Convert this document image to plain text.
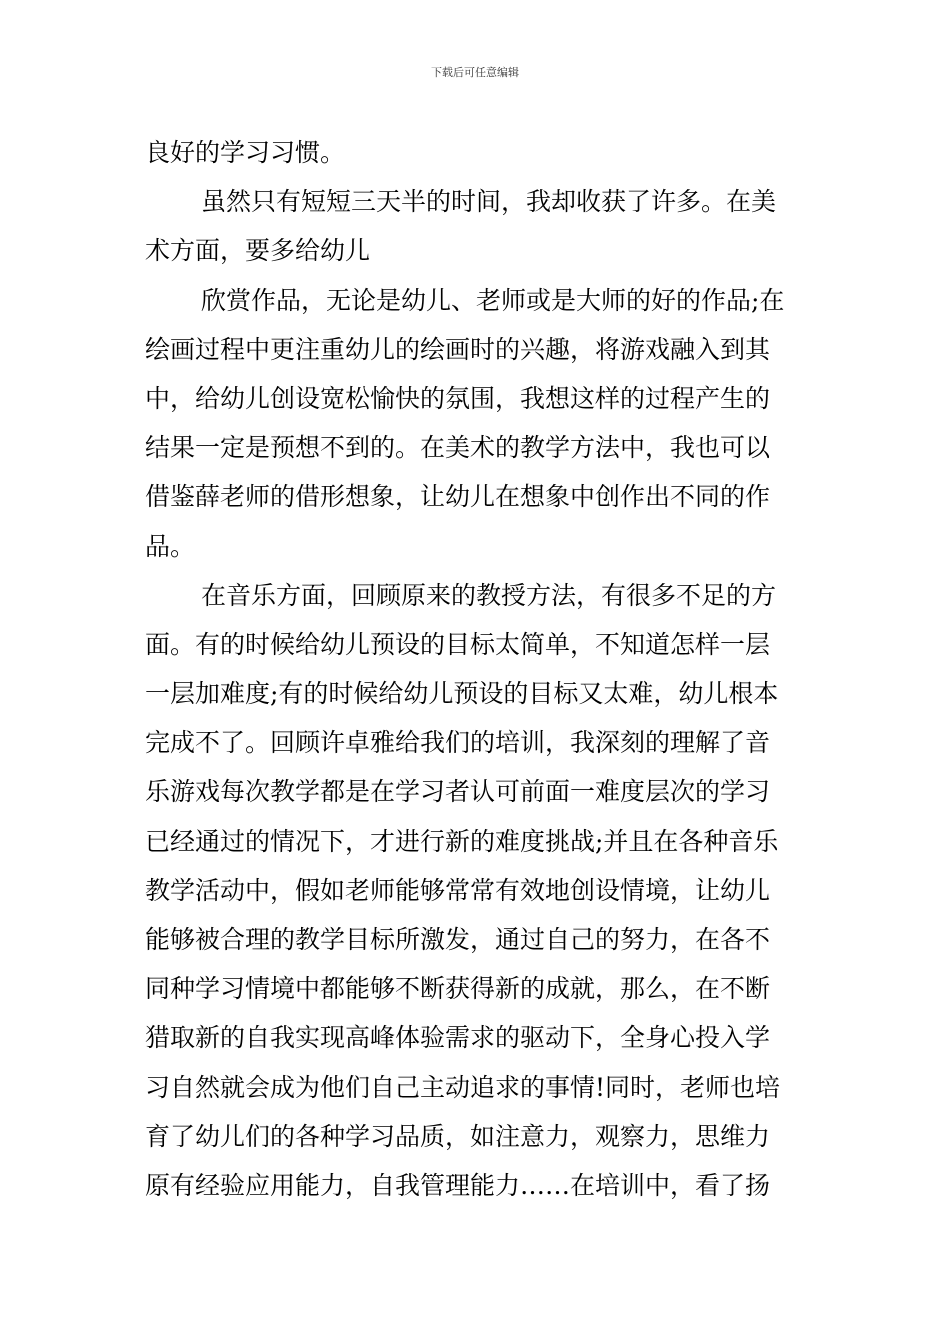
下载后可任意编辑
良好的学习习惯。
虽然只有短短三天半的时间，我却收获了许多。在美
术方面，要多给幼儿
欣赏作品，无论是幼儿、老师或是大师的好的作品;在
绘画过程中更注重幼儿的绘画时的兴趣，将游戏融入到其
中，给幼儿创设宽松愉快的氛围，我想这样的过程产生的
结果一定是预想不到的。在美术的教学方法中，我也可以
借鉴薛老师的借形想象，让幼儿在想象中创作出不同的作
品。
在音乐方面，回顾原来的教授方法，有很多不足的方
面。有的时候给幼儿预设的目标太简单，不知道怎样一层
一层加难度;有的时候给幼儿预设的目标又太难，幼儿根本
完成不了。回顾许卓雅给我们的培训，我深刻的理解了音
乐游戏每次教学都是在学习者认可前面一难度层次的学习
已经通过的情况下，才进行新的难度挑战;并且在各种音乐
教学活动中，假如老师能够常常有效地创设情境，让幼儿
能够被合理的教学目标所激发，通过自己的努力，在各不
同种学习情境中都能够不断获得新的成就，那么，在不断
猎取新的自我实现高峰体验需求的驱动下，全身心投入学
习自然就会成为他们自己主动追求的事情!同时，老师也培
育了幼儿们的各种学习品质，如注意力，观察力，思维力
原有经验应用能力，自我管理能力……在培训中，看了扬
